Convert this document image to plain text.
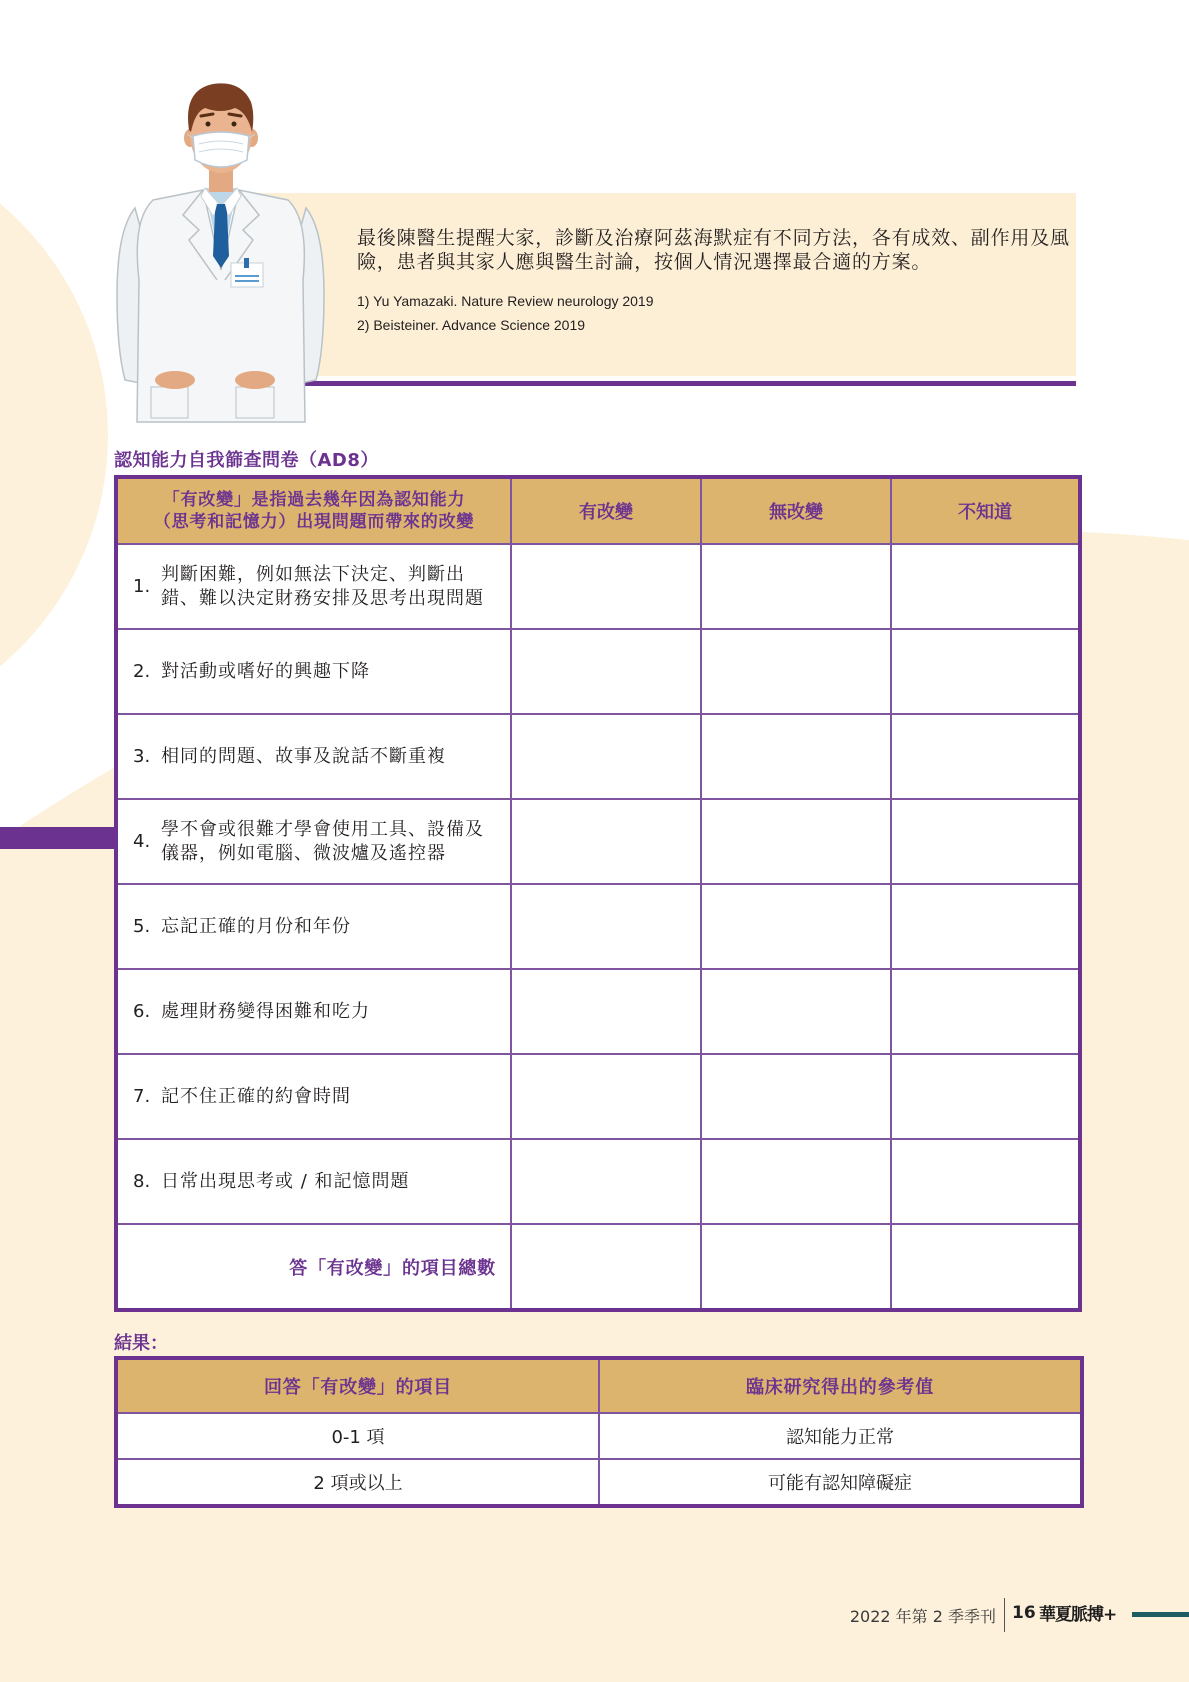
最後陳醫生提醒大家，診斷及治療阿茲海默症有不同方法，各有成效、副作用及風
險，患者與其家人應與醫生討論，按個人情況選擇最合適的方案。
1) Yu Yamazaki. Nature Review neurology 2019
2) Beisteiner. Advance Science 2019
認知能力自我篩查問卷（AD8）
「有改變」是指過去幾年因為認知能力
（思考和記憶力）出現問題而帶來的改變	有改變	無改變	不知道
1.
判斷困難，例如無法下決定、判斷出
錯、難以決定財務安排及思考出現問題
2. 對活動或嗜好的興趣下降
3. 相同的問題、故事及說話不斷重複
4.
學不會或很難才學會使用工具、設備及
儀器，例如電腦、微波爐及遙控器
5. 忘記正確的月份和年份
6. 處理財務變得困難和吃力
7. 記不住正確的約會時間
8. 日常出現思考或 / 和記憶問題
答「有改變」的項目總數
結果：
回答「有改變」的項目	臨床研究得出的參考值
0-1 項	認知能力正常
2 項或以上	可能有認知障礙症
2022 年第 2 季季刊 16 華夏脈搏+
